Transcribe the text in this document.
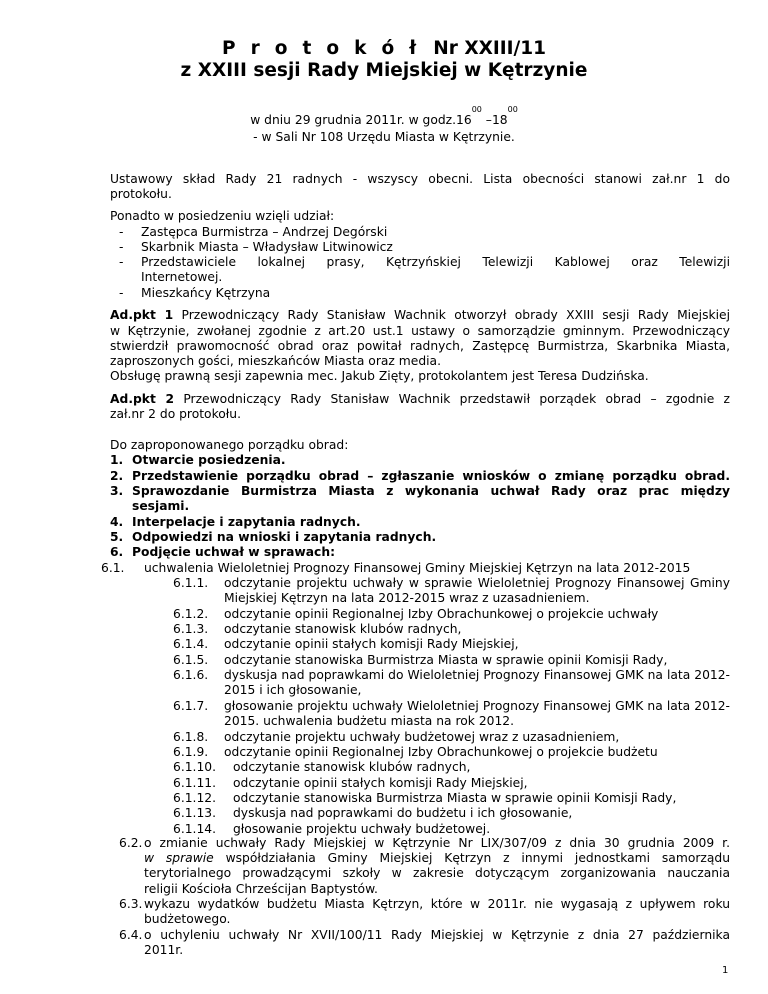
P r o t o k ó ł Nr XXIII/11
z XXIII sesji Rady Miejskiej w Kętrzynie
w dniu 29 grudnia 2011r. w $godz.16^{00}$ $-18^{00}$
- w Sali Nr 108 Urzędu Miasta w Kętrzynie.
Ustawowy skład Rady 21 radnych - wszyscy obecni. Lista obecności stanowi zał.nr 1 do
protokołu.
Ponadto w posiedzeniu wzięli udział:
- Zastępca Burmistrza – Andrzej Degórski
- Skarbnik Miasta – Władysław Litwinowicz
- Przedstawiciele lokalnej prasy, Kętrzyńskiej Telewizji Kablowej oraz Telewizji
Internetowej.
- Mieszkańcy Kętrzyna
Ad.pkt 1 Przewodniczący Rady Stanisław Wachnik otworzył obrady XXIII sesji Rady Miejskiej
w Kętrzynie, zwołanej zgodnie z art.20 ust.1 ustawy o samorządzie gminnym. Przewodniczący
stwierdził prawomocność obrad oraz powitał radnych, Zastępcę Burmistrza, Skarbnika Miasta,
zaproszonych gości, mieszkańców Miasta oraz media.
Obsługę prawną sesji zapewnia mec. Jakub Zięty, protokolantem jest Teresa Dudzińska.
Ad.pkt 2 Przewodniczący Rady Stanisław Wachnik przedstawił porządek obrad – zgodnie z
zał.nr 2 do protokołu.
Do zaproponowanego porządku obrad:
1. Otwarcie posiedzenia.
2. Przedstawienie porządku obrad – zgłaszanie wniosków o zmianę porządku obrad.
3. Sprawozdanie Burmistrza Miasta z wykonania uchwał Rady oraz prac między
sesjami.
4. Interpelacje i zapytania radnych.
5. Odpowiedzi na wnioski i zapytania radnych.
6. Podjęcie uchwał w sprawach:
6.1. uchwalenia Wieloletniej Prognozy Finansowej Gminy Miejskiej Kętrzyn na lata 2012-2015
6.1.1. odczytanie projektu uchwały w sprawie Wieloletniej Prognozy Finansowej Gminy
Miejskiej Kętrzyn na lata 2012-2015 wraz z uzasadnieniem.
6.1.2. odczytanie opinii Regionalnej Izby Obrachunkowej o projekcie uchwały
6.1.3. odczytanie stanowisk klubów radnych,
6.1.4. odczytanie opinii stałych komisji Rady Miejskiej,
6.1.5. odczytanie stanowiska Burmistrza Miasta w sprawie opinii Komisji Rady,
6.1.6. dyskusja nad poprawkami do Wieloletniej Prognozy Finansowej GMK na lata 2012-
2015 i ich głosowanie,
6.1.7. głosowanie projektu uchwały Wieloletniej Prognozy Finansowej GMK na lata 2012-
2015. uchwalenia budżetu miasta na rok 2012.
6.1.8. odczytanie projektu uchwały budżetowej wraz z uzasadnieniem,
6.1.9. odczytanie opinii Regionalnej Izby Obrachunkowej o projekcie budżetu
6.1.10. odczytanie stanowisk klubów radnych,
6.1.11. odczytanie opinii stałych komisji Rady Miejskiej,
6.1.12. odczytanie stanowiska Burmistrza Miasta w sprawie opinii Komisji Rady,
6.1.13. dyskusja nad poprawkami do budżetu i ich głosowanie,
6.1.14. głosowanie projektu uchwały budżetowej.
6.2. o zmianie uchwały Rady Miejskiej w Kętrzynie Nr LIX/307/09 z dnia 30 grudnia 2009 r.
w sprawie współdziałania Gminy Miejskiej Kętrzyn z innymi jednostkami samorządu
terytorialnego prowadzącymi szkoły w zakresie dotyczącym zorganizowania nauczania
religii Kościoła Chrześcijan Baptystów.
6.3. wykazu wydatków budżetu Miasta Kętrzyn, które w 2011r. nie wygasają z upływem roku
budżetowego.
6.4. o uchyleniu uchwały Nr XVII/100/11 Rady Miejskiej w Kętrzynie z dnia 27 października
2011r.
1
